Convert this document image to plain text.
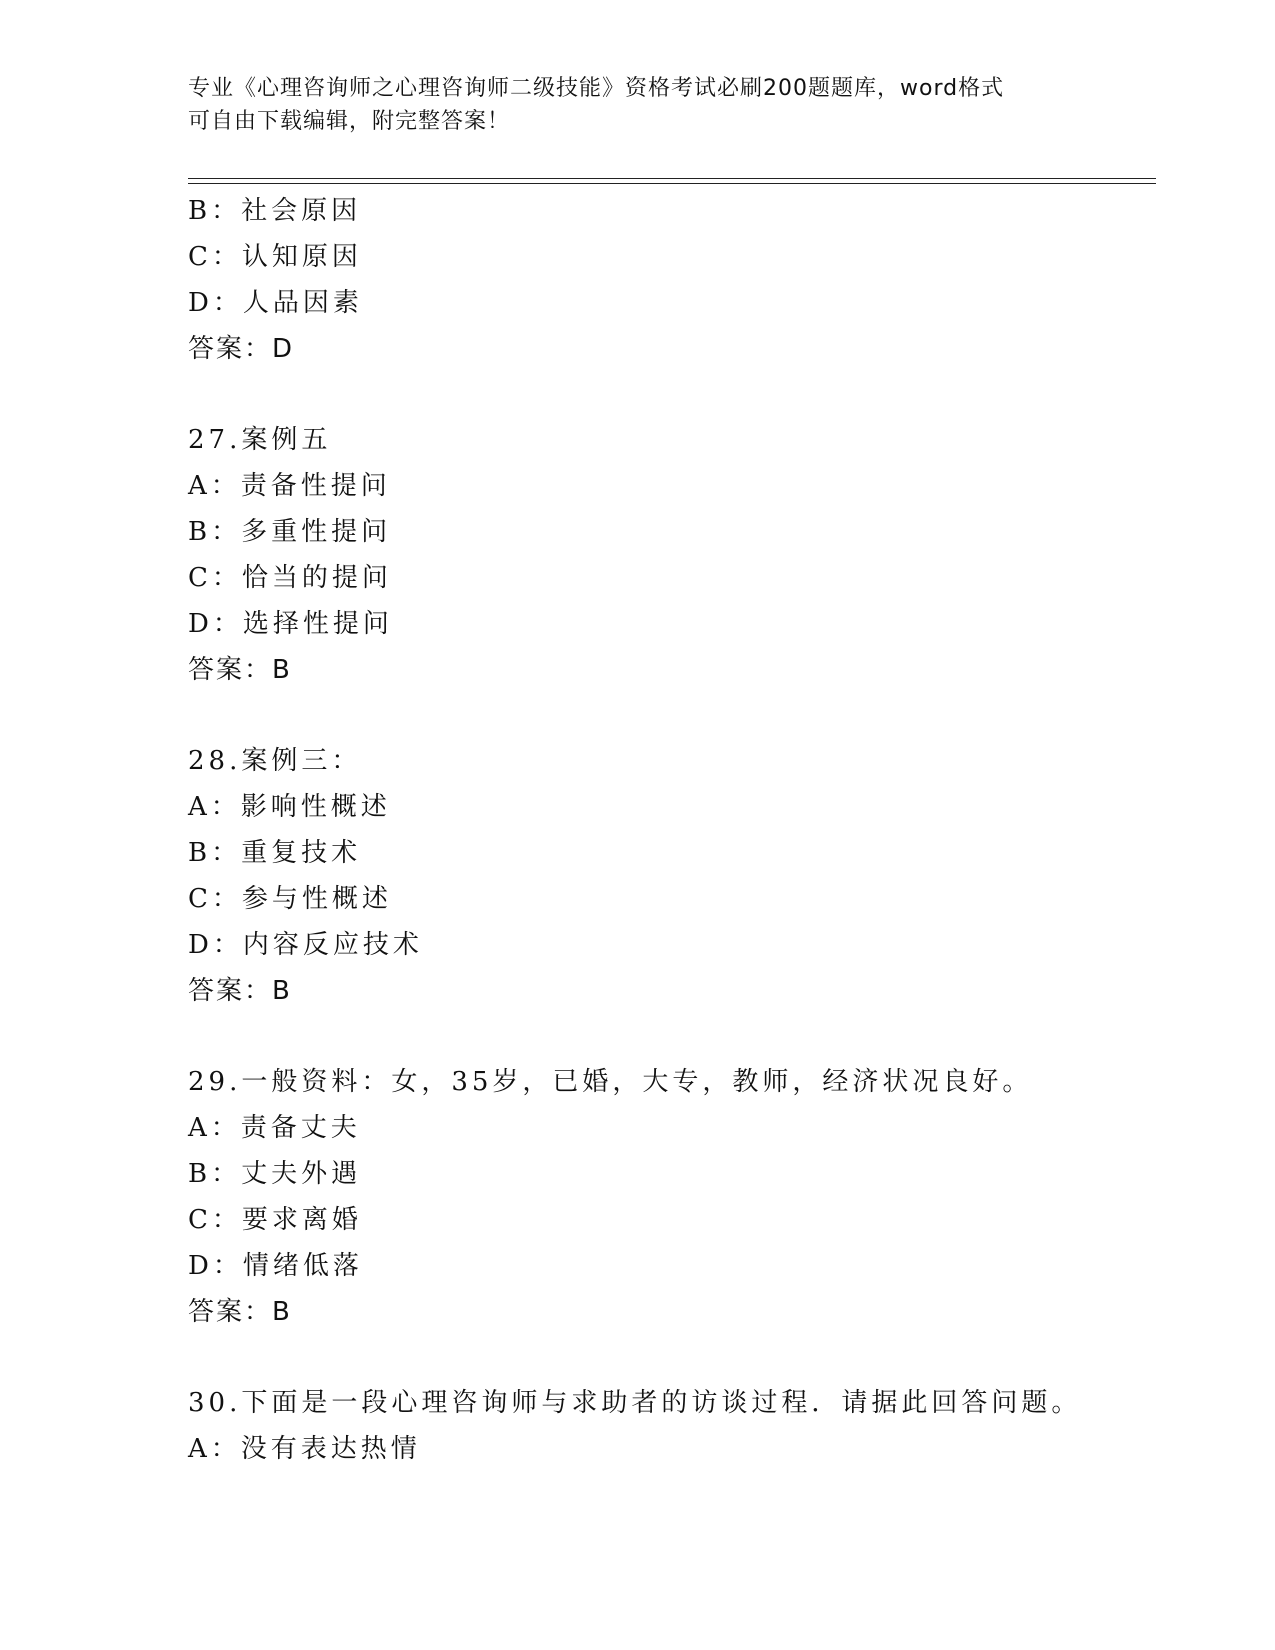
专业《心理咨询师之心理咨询师二级技能》资格考试必刷200题题库，word格式
可自由下载编辑，附完整答案！
B：社会原因
C：认知原因
D：人品因素
答案：D
27.案例五
A：责备性提问
B：多重性提问
C：恰当的提问
D：选择性提问
答案：B
28.案例三：
A：影响性概述
B：重复技术
C：参与性概述
D：内容反应技术
答案：B
29.一般资料：女，35岁，已婚，大专，教师，经济状况良好。
A：责备丈夫
B：丈夫外遇
C：要求离婚
D：情绪低落
答案：B
30.下面是一段心理咨询师与求助者的访谈过程．请据此回答问题。
A：没有表达热情
